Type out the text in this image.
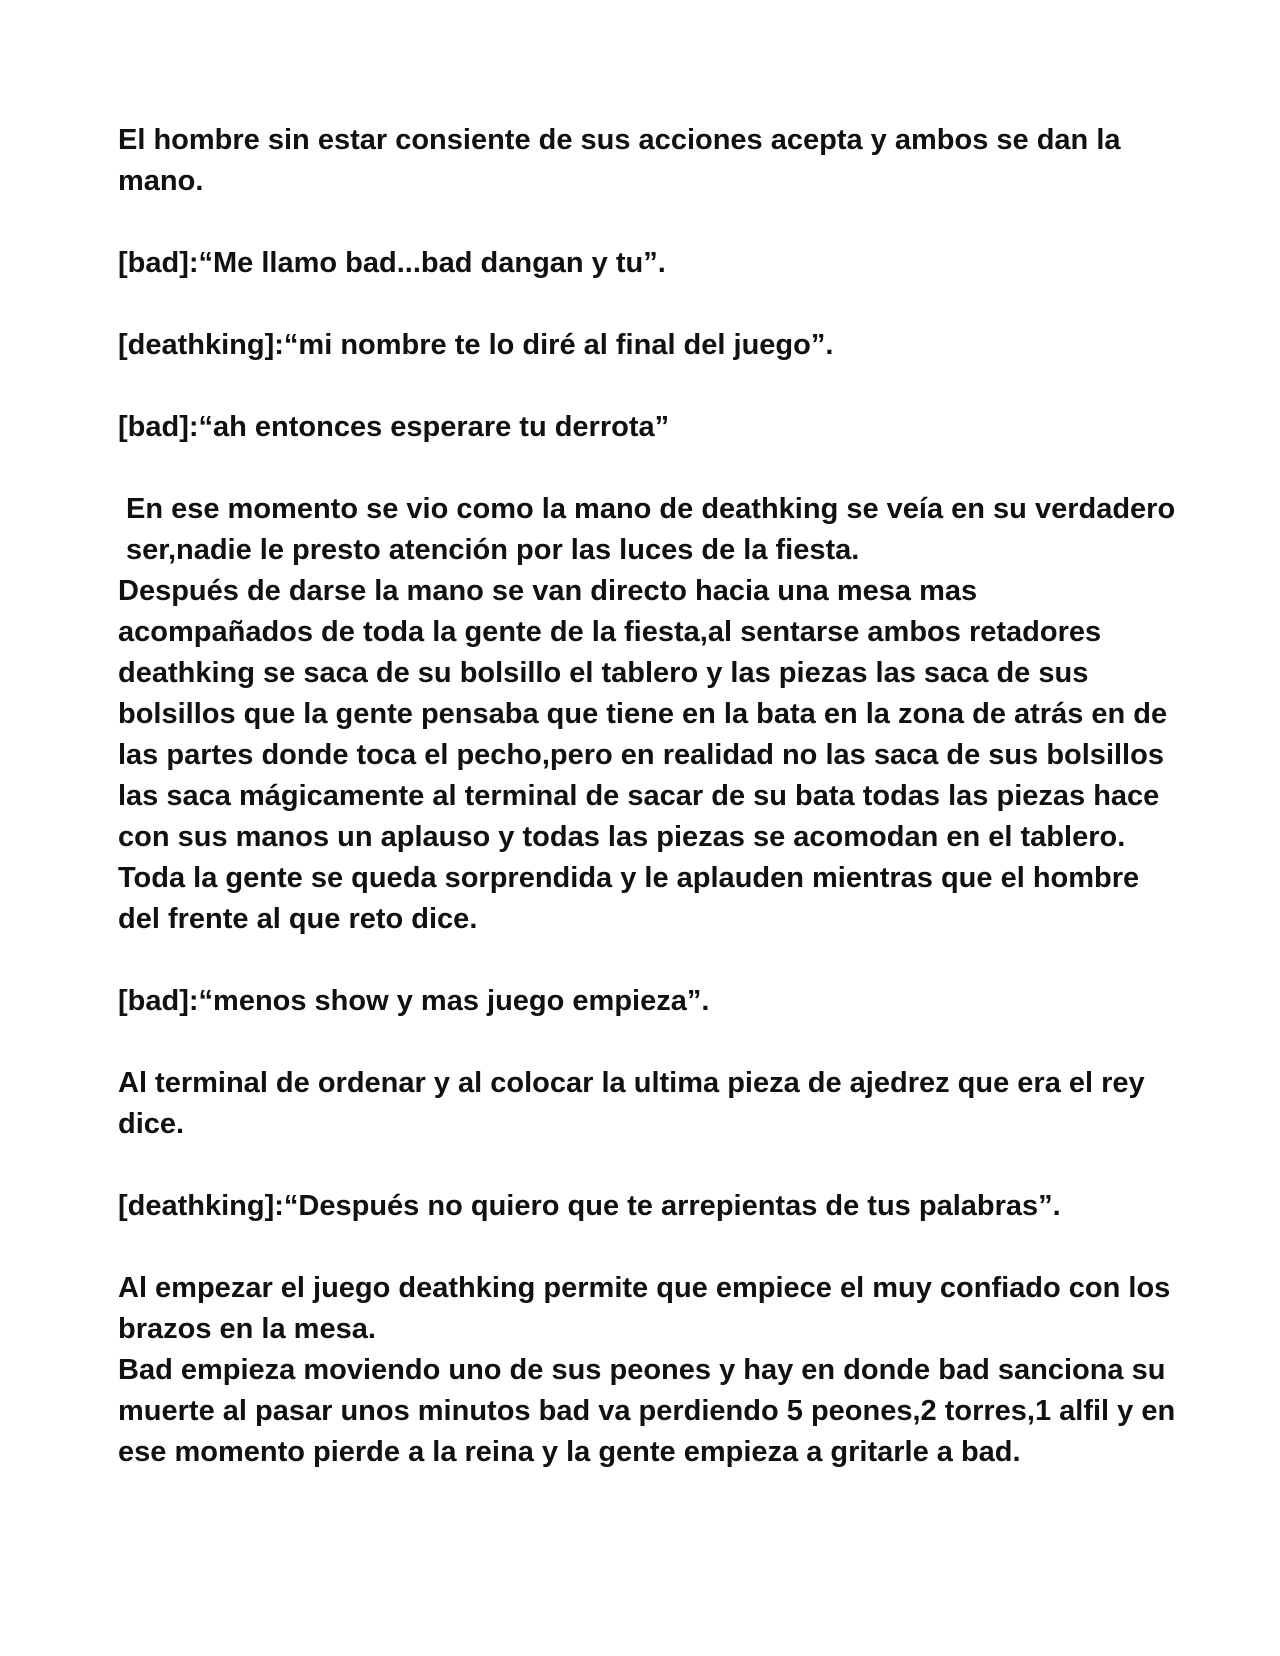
El hombre sin estar consiente de sus acciones acepta y ambos se dan la mano.

[bad]:“Me llamo bad...bad dangan y tu”.

[deathking]:“mi nombre te lo diré al final del juego”.

[bad]:“ah entonces esperare tu derrota”

En ese momento se vio como la mano de deathking se veía en su verdadero ser,nadie le presto atención por las luces de la fiesta.

Después de darse la mano se van directo hacia una mesa mas acompañados de toda la gente de la fiesta,al sentarse ambos retadores deathking se saca de su bolsillo el tablero y las piezas las saca de sus bolsillos que la gente pensaba que tiene en la bata en la zona de atrás en de las partes donde toca el pecho,pero en realidad no las saca de sus bolsillos las saca mágicamente al terminal de sacar de su bata todas las piezas hace con sus manos un aplauso y todas las piezas se acomodan en el tablero.

Toda la gente se queda sorprendida y le aplauden mientras que el hombre del frente al que reto dice.

[bad]:“menos show y mas juego empieza”.

Al terminal de ordenar y al colocar la ultima pieza de ajedrez que era el rey dice.

[deathking]:“Después no quiero que te arrepientas de tus palabras”.

Al empezar el juego deathking permite que empiece el muy confiado con los brazos en la mesa.

Bad empieza moviendo uno de sus peones y hay en donde bad sanciona su muerte al pasar unos minutos bad va perdiendo 5 peones,2 torres,1 alfil y en ese momento pierde a la reina y la gente empieza a gritarle a bad.
